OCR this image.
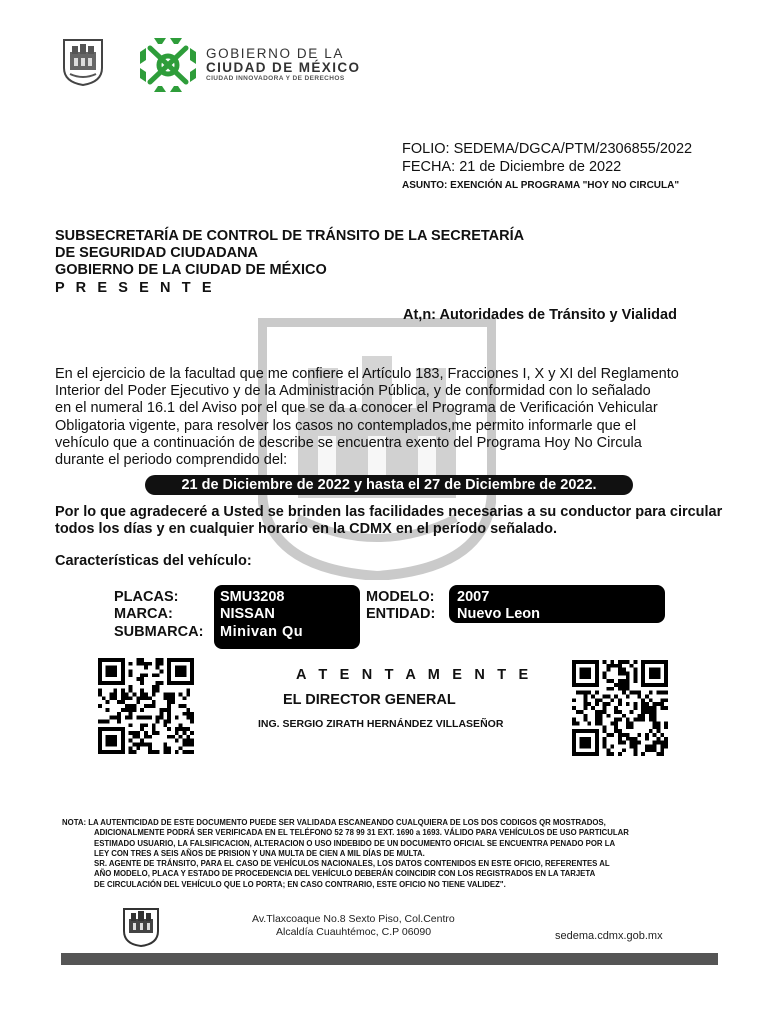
GOBIERNO DE LA
CIUDAD DE MÉXICO
CIUDAD INNOVADORA Y DE DERECHOS
FOLIO: SEDEMA/DGCA/PTM/2306855/2022
FECHA: 21 de Diciembre de 2022
ASUNTO: EXENCIÓN AL PROGRAMA "HOY NO CIRCULA"
SUBSECRETARÍA DE CONTROL DE TRÁNSITO DE LA SECRETARÍA
DE SEGURIDAD CIUDADANA
GOBIERNO DE LA CIUDAD DE MÉXICO
P R E S E N T E
At,n: Autoridades de Tránsito y Vialidad
En el ejercicio de la facultad que me confiere el Artículo 183, Fracciones I, X y XI del Reglamento
Interior del Poder Ejecutivo y de la Administración Pública, y de conformidad con lo señalado
en el numeral 16.1 del Aviso por el que se da a conocer el Programa de Verificación Vehicular
Obligatoria vigente, para resolver los casos no contemplados,me permito informarle que el
vehículo que a continuación de describe se encuentra exento del Programa Hoy No Circula
durante el periodo comprendido del:
21 de Diciembre de 2022 y hasta el 27 de Diciembre de 2022.
Por lo que agradeceré a Usted se brinden las facilidades necesarias a su conductor para circular todos los días y en cualquier horario en la CDMX en el período señalado.
Características del vehículo:
PLACAS:
MARCA:
SUBMARCA:
MODELO:
ENTIDAD:
SMU3208
NISSAN
Minivan Qu
2007
Nuevo Leon
A T E N T A M E N T E
EL DIRECTOR GENERAL
ING. SERGIO ZIRATH HERNÁNDEZ VILLASEÑOR
NOTA: LA AUTENTICIDAD DE ESTE DOCUMENTO PUEDE SER VALIDADA ESCANEANDO CUALQUIERA DE LOS DOS CODIGOS QR MOSTRADOS,
ADICIONALMENTE PODRÁ SER VERIFICADA EN EL TELÉFONO 52 78 99 31 EXT. 1690 a 1693. VÁLIDO PARA VEHÍCULOS DE USO PARTICULAR
ESTIMADO USUARIO, LA FALSIFICACION, ALTERACION O USO INDEBIDO DE UN DOCUMENTO OFICIAL SE ENCUENTRA PENADO POR LA
LEY CON TRES A SEIS AÑOS DE PRISION Y UNA MULTA DE CIEN A MIL DÍAS DE MULTA.
SR. AGENTE DE TRÁNSITO, PARA EL CASO DE VEHÍCULOS NACIONALES, LOS DATOS CONTENIDOS EN ESTE OFICIO, REFERENTES AL
AÑO MODELO, PLACA Y ESTADO DE PROCEDENCIA DEL VEHÍCULO DEBERÁN COINCIDIR CON LOS REGISTRADOS EN LA TARJETA
DE CIRCULACIÓN DEL VEHÍCULO QUE LO PORTA; EN CASO CONTRARIO, ESTE OFICIO NO TIENE VALIDEZ".
Av.Tlaxcoaque No.8 Sexto Piso, Col.Centro
Alcaldía Cuauhtémoc, C.P 06090	sedema.cdmx.gob.mx
